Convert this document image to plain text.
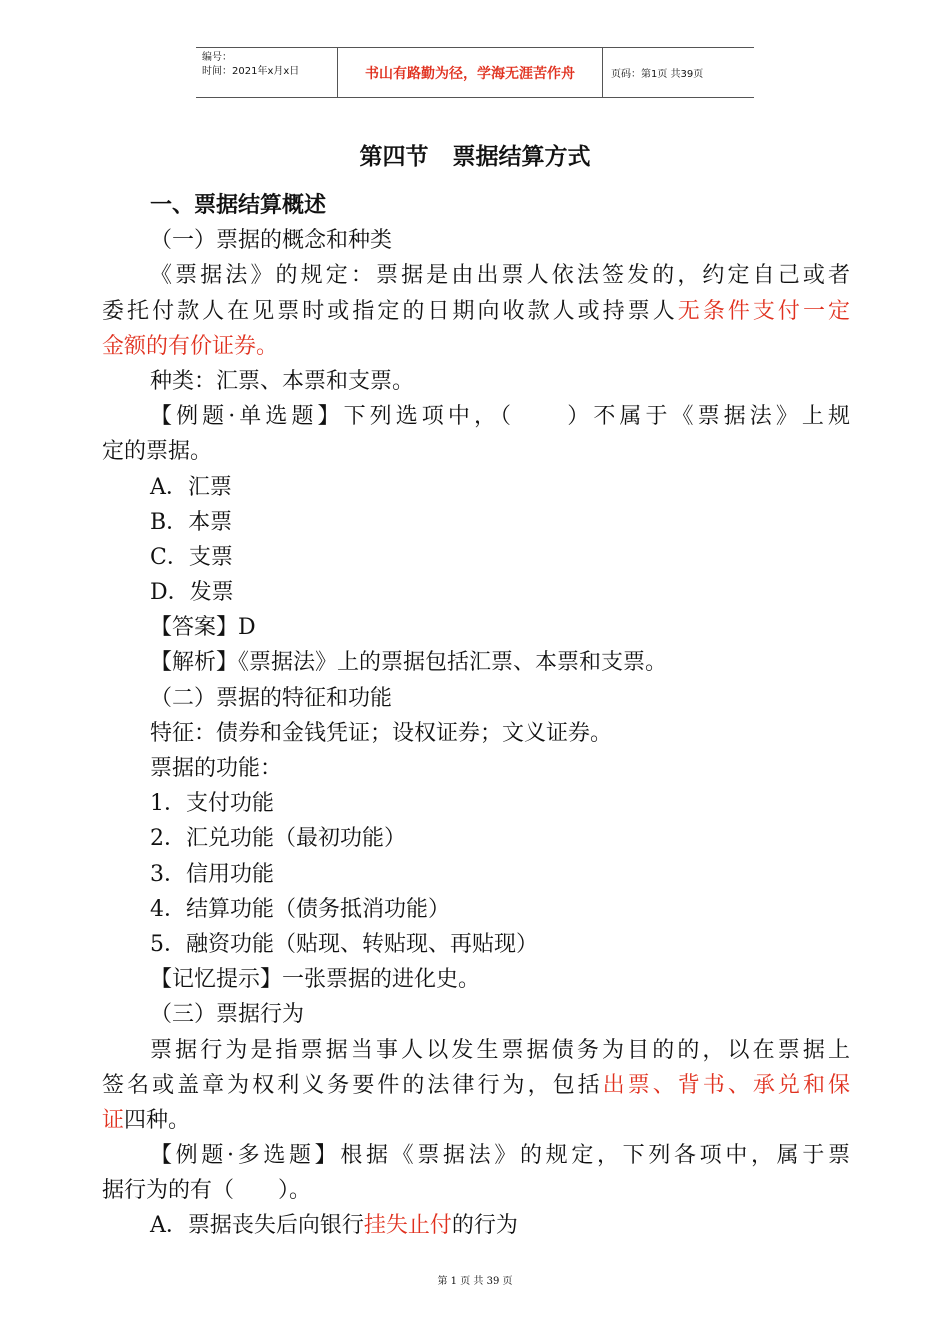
编号：
时间：2021年x月x日	书山有路勤为径，学海无涯苦作舟	页码：第1页 共39页
第四节 票据结算方式
一、票据结算概述
（一）票据的概念和种类
《票据法》的规定：票据是由出票人依法签发的，约定自己或者
委托付款人在见票时或指定的日期向收款人或持票人无条件支付一定
金额的有价证券。
种类：汇票、本票和支票。
【例题·单选题】下列选项中，（　　）不属于《票据法》上规
定的票据。
A．汇票
B．本票
C．支票
D．发票
【答案】D
【解析】《票据法》上的票据包括汇票、本票和支票。
（二）票据的特征和功能
特征：债券和金钱凭证；设权证券；文义证券。
票据的功能：
1．支付功能
2．汇兑功能（最初功能）
3．信用功能
4．结算功能（债务抵消功能）
5．融资功能（贴现、转贴现、再贴现）
【记忆提示】一张票据的进化史。
（三）票据行为
票据行为是指票据当事人以发生票据债务为目的的，以在票据上
签名或盖章为权利义务要件的法律行为，包括出票、背书、承兑和保
证四种。
【例题·多选题】根据《票据法》的规定，下列各项中，属于票
据行为的有（　　）。
A．票据丧失后向银行挂失止付的行为
第 1 页 共 39 页
